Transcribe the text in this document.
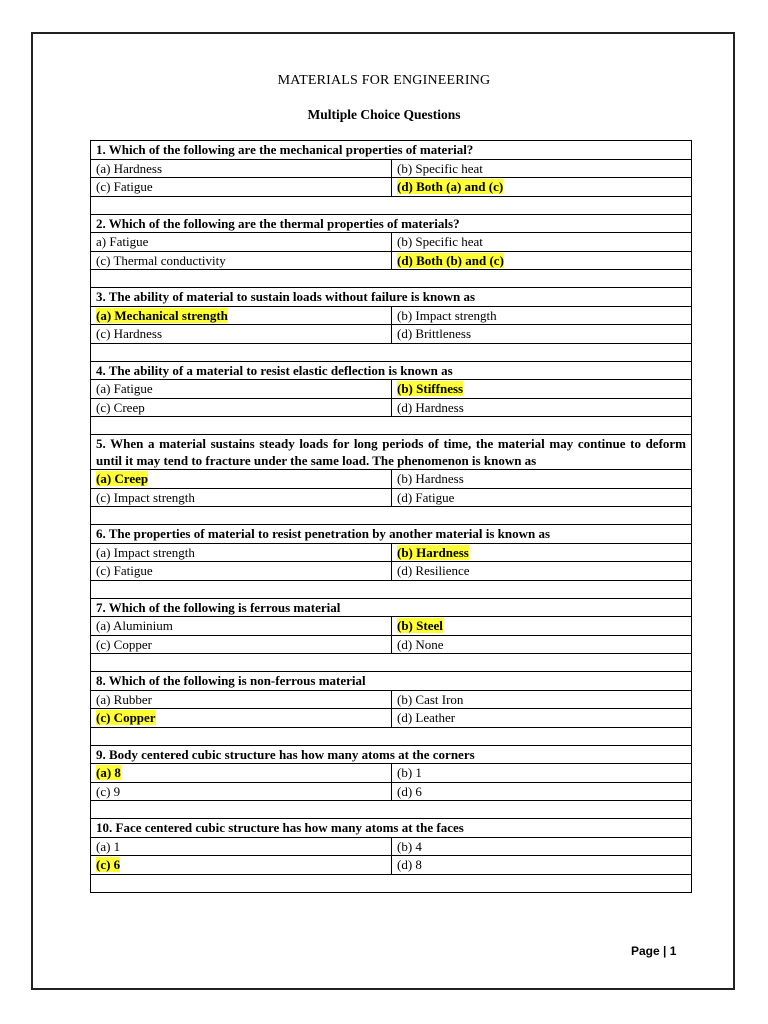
MATERIALS FOR ENGINEERING
Multiple Choice Questions
1. Which of the following are the mechanical properties of material?	
(a) Hardness	(b) Specific heat
(c) Fatigue	(d) Both (a) and (c)

2. Which of the following are the thermal properties of materials?	
a) Fatigue	(b) Specific heat
(c) Thermal conductivity	(d) Both (b) and (c)

3. The ability of material to sustain loads without failure is known as	
(a) Mechanical strength	(b) Impact strength
(c) Hardness	(d) Brittleness

4. The ability of a material to resist elastic deflection is known as	
(a) Fatigue	(b) Stiffness
(c) Creep	(d) Hardness

5. When a material sustains steady loads for long periods of time, the material may continue to deform until it may tend to fracture under the same load. The phenomenon is known as	
(a) Creep	(b) Hardness
(c) Impact strength	(d) Fatigue

6. The properties of material to resist penetration by another material is known as	
(a) Impact strength	(b) Hardness
(c) Fatigue	(d) Resilience

7. Which of the following is ferrous material	
(a) Aluminium	(b) Steel
(c) Copper	(d) None

8. Which of the following is non-ferrous material	
(a) Rubber	(b) Cast Iron
(c) Copper	(d) Leather

9. Body centered cubic structure has how many atoms at the corners	
(a) 8	(b) 1
(c) 9	(d) 6

10. Face centered cubic structure has how many atoms at the faces	
(a) 1	(b) 4
(c) 6	(d) 8

Page | 1
